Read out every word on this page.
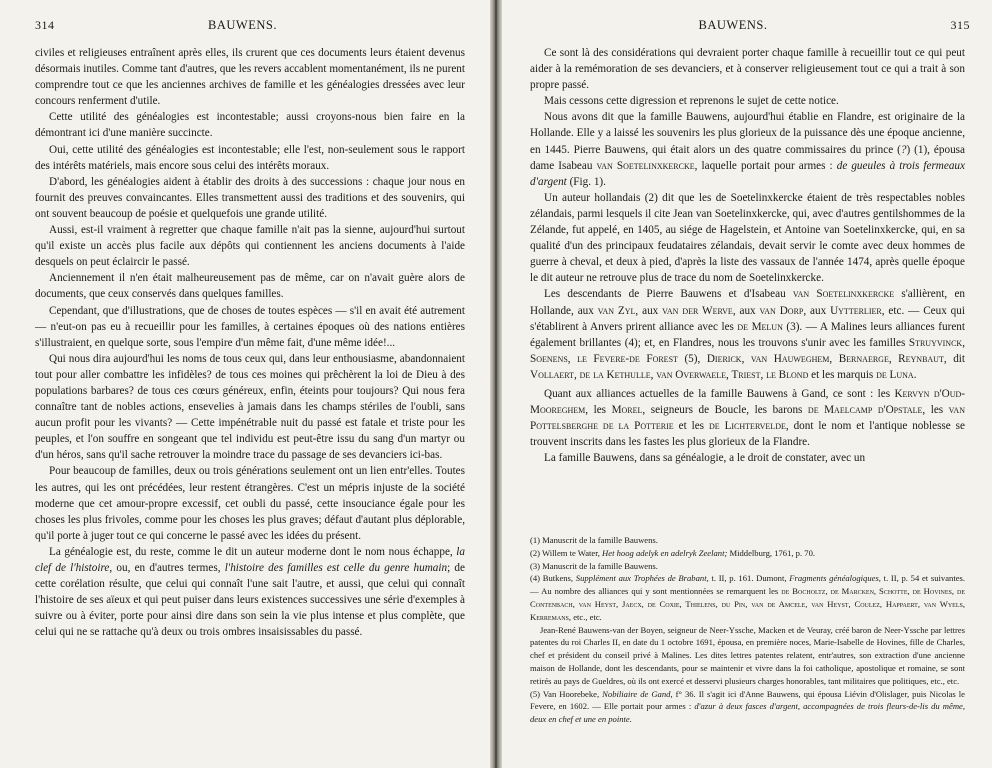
314	BAUWENS.

civiles et religieuses entraînent après elles, ils crurent que ces documents leurs étaient devenus désormais inutiles. Comme tant d'autres, que les revers accablent momentanément, ils ne purent comprendre tout ce que les anciennes archives de famille et les généalogies dressées avec leur concours renferment d'utile.

Cette utilité des généalogies est incontestable; aussi croyons-nous bien faire en la démontrant ici d'une manière succincte.

Oui, cette utilité des généalogies est incontestable; elle l'est, non-seulement sous le rapport des intérêts matériels, mais encore sous celui des intérêts moraux.

D'abord, les généalogies aident à établir des droits à des successions : chaque jour nous en fournit des preuves convaincantes. Elles transmettent aussi des traditions et des souvenirs, qui ont souvent beaucoup de poésie et quelquefois une grande utilité.

Aussi, est-il vraiment à regretter que chaque famille n'ait pas la sienne, aujourd'hui surtout qu'il existe un accès plus facile aux dépôts qui contiennent les anciens documents à l'aide desquels on peut éclaircir le passé.

Anciennement il n'en était malheureusement pas de même, car on n'avait guère alors de documents, que ceux conservés dans quelques familles.

Cependant, que d'illustrations, que de choses de toutes espèces — s'il en avait été autrement — n'eut-on pas eu à recueillir pour les familles, à certaines époques où des nations entières s'illustraient, en quelque sorte, sous l'empire d'un même fait, d'une même idée!...

Qui nous dira aujourd'hui les noms de tous ceux qui, dans leur enthousiasme, abandonnaient tout pour aller combattre les infidèles? de tous ces moines qui prêchèrent la loi de Dieu à des populations barbares? de tous ces cœurs généreux, enfin, éteints pour toujours? Qui nous fera connaître tant de nobles actions, ensevelies à jamais dans les champs stériles de l'oubli, sans aucun profit pour les vivants? — Cette impénétrable nuit du passé est fatale et triste pour les peuples, et l'on souffre en songeant que tel individu est peut-être issu du sang d'un martyr ou d'un héros, sans qu'il sache retrouver la moindre trace du passage de ses devanciers ici-bas.

Pour beaucoup de familles, deux ou trois générations seulement ont un lien entr'elles. Toutes les autres, qui les ont précédées, leur restent étrangères. C'est un mépris injuste de la société moderne que cet amour-propre excessif, cet oubli du passé, cette insouciance égale pour les choses les plus frivoles, comme pour les choses les plus graves; défaut d'autant plus déplorable, qu'il porte à juger tout ce qui concerne le passé avec les idées du présent.

La généalogie est, du reste, comme le dit un auteur moderne dont le nom nous échappe, la clef de l'histoire, ou, en d'autres termes, l'histoire des familles est celle du genre humain; de cette corélation résulte, que celui qui connaît l'une sait l'autre, et aussi, que celui qui connaît l'histoire de ses aïeux et qui peut puiser dans leurs existences successives une série d'exemples à suivre ou à éviter, porte pour ainsi dire dans son sein la vie plus intense et plus complète, que celui qui ne se rattache qu'à deux ou trois ombres insaisissables du passé.

BAUWENS.	315

Ce sont là des considérations qui devraient porter chaque famille à recueillir tout ce qui peut aider à la remémoration de ses devanciers, et à conserver religieusement tout ce qui a trait à son propre passé.

Mais cessons cette digression et reprenons le sujet de cette notice.

Nous avons dit que la famille Bauwens, aujourd'hui établie en Flandre, est originaire de la Hollande. Elle y a laissé les souvenirs les plus glorieux de la puissance dès une époque ancienne, en 1445. Pierre Bauwens, qui était alors un des quatre commissaires du prince (?) (1), épousa dame Isabeau van Soetelinxkercke, laquelle portait pour armes : de gueules à trois fermeaux d'argent (Fig. 1).

Un auteur hollandais (2) dit que les de Soetelinxkercke étaient de très respectables nobles zélandais, parmi lesquels il cite Jean van Soetelinxkercke, qui, avec d'autres gentilshommes de la Zélande, fut appelé, en 1405, au siége de Hagelstein, et Antoine van Soetelinxkercke, qui, en sa qualité d'un des principaux feudataires zélandais, devait servir le comte avec deux hommes de guerre à cheval, et deux à pied, d'après la liste des vassaux de l'année 1474, après quelle époque le dit auteur ne retrouve plus de trace du nom de Soetelinxkercke.

Les descendants de Pierre Bauwens et d'Isabeau van Soetelinxkercke s'allièrent, en Hollande, aux van Zyl, aux van der Werve, aux van Dorp, aux Uytterlier, etc. — Ceux qui s'établirent à Anvers prirent alliance avec les de Melun (3). — A Malines leurs alliances furent également brillantes (4); et, en Flandres, nous les trouvons s'unir avec les familles Struyvinck, Soenens, le Fevere-de Forest (5), Dierick, van Hauweghem, Bernaerge, Reynbaut, dit Vollaert, de la Kethulle, van Overwaele, Triest, le Blond et les marquis de Luna.

Quant aux alliances actuelles de la famille Bauwens à Gand, ce sont : les Kervyn d'Oud-Mooreghem, les Morel, seigneurs de Boucle, les barons de Maelcamp d'Opstale, les van Pottelsberghe de la Potterie et les de Lichtervelde, dont le nom et l'antique noblesse se trouvent inscrits dans les fastes les plus glorieux de la Flandre.

La famille Bauwens, dans sa généalogie, a le droit de constater, avec un

(1) Manuscrit de la famille Bauwens.

(2) Willem te Water, Het hoog adelyk en adelryk Zeelant; Middelburg, 1761, p. 70.

(3) Manuscrit de la famille Bauwens.

(4) Butkens, Supplément aux Trophées de Brabant, t. II, p. 161. Dumont, Fragments généalogiques, t. II, p. 54 et suivantes. — Au nombre des alliances qui y sont mentionnées se remarquent les de Bocholtz, de Marcken, Schotte, de Hovines, de Contenbach, van Heyst, Jaecx, de Coxie, Thielens, du Pin, van de Amcele, van Heyst, Coulez, Happaert, van Wyels, Kerremans, etc., etc.

Jean-René Bauwens-van der Boyen, seigneur de Neer-Yssche, Macken et de Veuray, créé baron de Neer-Yssche par lettres patentes du roi Charles II, en date du 1 octobre 1691, épousa, en première noces, Marie-Isabelle de Hovines, fille de Charles, chef et président du conseil privé à Malines. Les dites lettres patentes relatent, entr'autres, son extraction d'une ancienne maison de Hollande, dont les descendants, pour se maintenir et vivre dans la foi catholique, apostolique et romaine, se sont retirés au pays de Gueldres, où ils ont exercé et desservi plusieurs charges honorables, tant militaires que politiques, etc., etc.

(5) Van Hoorebeke, Nobiliaire de Gand, f° 36. Il s'agit ici d'Anne Bauwens, qui épousa Liévin d'Olislager, puis Nicolas le Fevere, en 1602. — Elle portait pour armes : d'azur à deux fasces d'argent, accompagnées de trois fleurs-de-lis du même, deux en chef et une en pointe.
